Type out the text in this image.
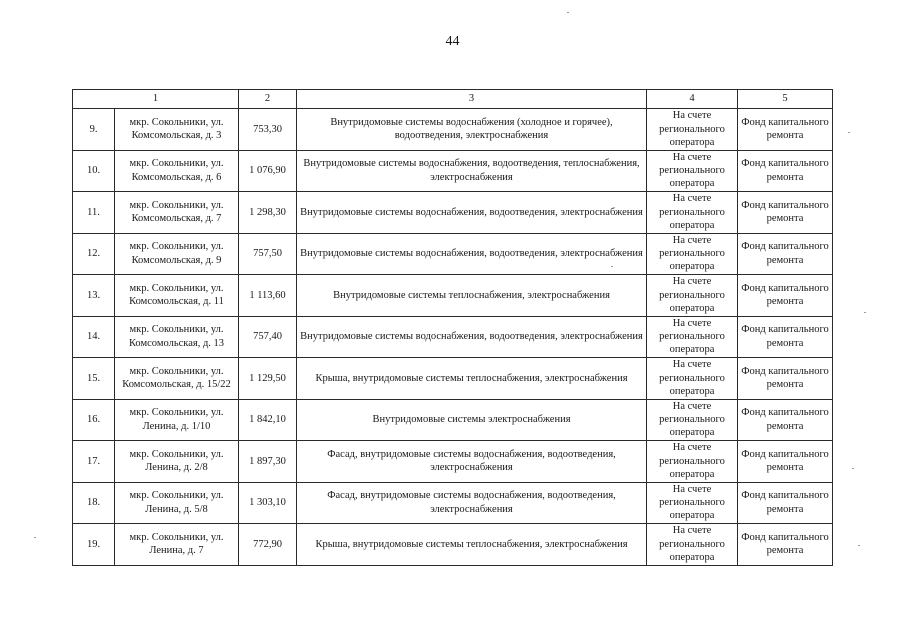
44
1		2	3	4	5
9.	мкр. Сокольники, ул. Комсомольская, д. 3	753,30	Внутридомовые системы водоснабжения (холодное и горячее), водоотведения, электроснабжения	На счете регионального оператора	Фонд капитального ремонта
10.	мкр. Сокольники, ул. Комсомольская, д. 6	1 076,90	Внутридомовые системы водоснабжения, водоотведения, теплоснабжения, электроснабжения	На счете регионального оператора	Фонд капитального ремонта
11.	мкр. Сокольники, ул. Комсомольская, д. 7	1 298,30	Внутридомовые системы водоснабжения, водоотведения, электроснабжения	На счете регионального оператора	Фонд капитального ремонта
12.	мкр. Сокольники, ул. Комсомольская, д. 9	757,50	Внутридомовые системы водоснабжения, водоотведения, электроснабжения	На счете регионального оператора	Фонд капитального ремонта
13.	мкр. Сокольники, ул. Комсомольская, д. 11	1 113,60	Внутридомовые системы теплоснабжения, электроснабжения	На счете регионального оператора	Фонд капитального ремонта
14.	мкр. Сокольники, ул. Комсомольская, д. 13	757,40	Внутридомовые системы водоснабжения, водоотведения, электроснабжения	На счете регионального оператора	Фонд капитального ремонта
15.	мкр. Сокольники, ул. Комсомольская, д. 15/22	1 129,50	Крыша, внутридомовые системы теплоснабжения, электроснабжения	На счете регионального оператора	Фонд капитального ремонта
16.	мкр. Сокольники, ул. Ленина, д. 1/10	1 842,10	Внутридомовые системы электроснабжения	На счете регионального оператора	Фонд капитального ремонта
17.	мкр. Сокольники, ул. Ленина, д. 2/8	1 897,30	Фасад, внутридомовые системы водоснабжения, водоотведения, электроснабжения	На счете регионального оператора	Фонд капитального ремонта
18.	мкр. Сокольники, ул. Ленина, д. 5/8	1 303,10	Фасад, внутридомовые системы водоснабжения, водоотведения, электроснабжения	На счете регионального оператора	Фонд капитального ремонта
19.	мкр. Сокольники, ул. Ленина, д. 7	772,90	Крыша, внутридомовые системы теплоснабжения, электроснабжения	На счете регионального оператора	Фонд капитального ремонта
